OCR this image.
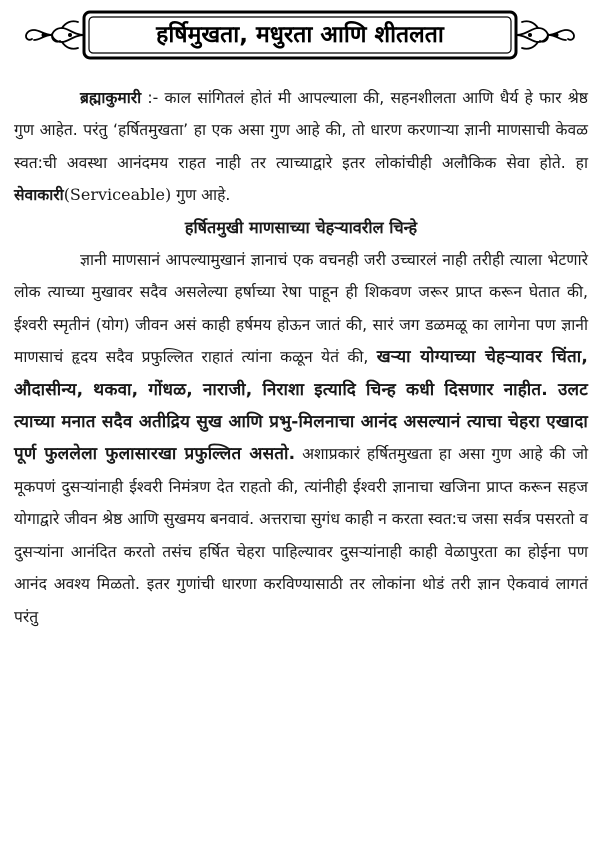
हर्षिमुखता, मधुरता आणि शीतलता

ब्रह्माकुमारी :- काल सांगितलं होतं मी आपल्याला की, सहनशीलता आणि धैर्य हे फार श्रेष्ठ गुण आहेत. परंतु ‘हर्षितमुखता’ हा एक असा गुण आहे की, तो धारण करणाऱ्या ज्ञानी माणसाची केवळ स्वत:ची अवस्था आनंदमय राहत नाही तर त्याच्याद्वारे इतर लोकांचीही अलौकिक सेवा होते. हा सेवाकारी(Serviceable) गुण आहे.

हर्षितमुखी माणसाच्या चेहऱ्यावरील चिन्हे

ज्ञानी माणसानं आपल्यामुखानं ज्ञानाचं एक वचनही जरी उच्चारलं नाही तरीही त्याला भेटणारे लोक त्याच्या मुखावर सदैव असलेल्या हर्षाच्या रेषा पाहून ही शिकवण जरूर प्राप्त करून घेतात की, ईश्वरी स्मृतीनं (योग) जीवन असं काही हर्षमय होऊन जातं की, सारं जग डळमळू का लागेना पण ज्ञानी माणसाचं हृदय सदैव प्रफुल्लित राहातं त्यांना कळून येतं की, खऱ्या योग्याच्या चेहऱ्यावर चिंता, औदासीन्य, थकवा, गोंधळ, नाराजी, निराशा इत्यादि चिन्ह कधी दिसणार नाहीत. उलट त्याच्या मनात सदैव अतीद्रिय सुख आणि प्रभु-मिलनाचा आनंद असल्यानं त्याचा चेहरा एखादा पूर्ण फुललेला फुलासारखा प्रफुल्लित असतो. अशाप्रकारं हर्षितमुखता हा असा गुण आहे की जो मूकपणं दुसऱ्यांनाही ईश्वरी निमंत्रण देत राहतो की, त्यांनीही ईश्वरी ज्ञानाचा खजिना प्राप्त करून सहज योगाद्वारे जीवन श्रेष्ठ आणि सुखमय बनवावं. अत्तराचा सुगंध काही न करता स्वत:च जसा सर्वत्र पसरतो व दुसऱ्यांना आनंदित करतो तसंच हर्षित चेहरा पाहिल्यावर दुसऱ्यांनाही काही वेळापुरता का होईना पण आनंद अवश्य मिळतो. इतर गुणांची धारणा करविण्यासाठी तर लोकांना थोडं तरी ज्ञान ऐकवावं लागतं परंतु
